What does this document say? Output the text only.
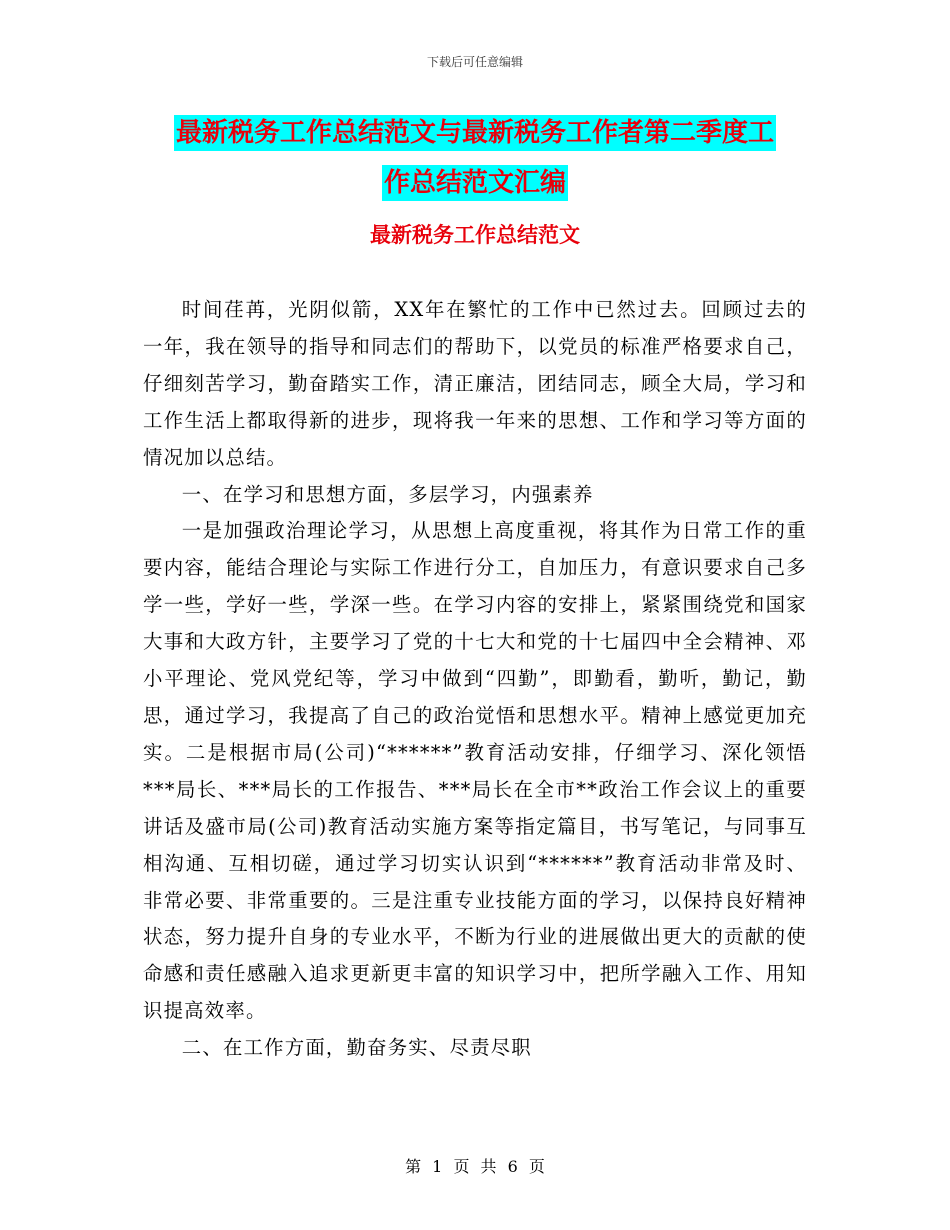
下载后可任意编辑
最新税务工作总结范文与最新税务工作者第二季度工
作总结范文汇编
最新税务工作总结范文

时间荏苒，光阴似箭，XX年在繁忙的工作中已然过去。回顾过去的一年，我在领导的指导和同志们的帮助下，以党员的标准严格要求自己，仔细刻苦学习，勤奋踏实工作，清正廉洁，团结同志，顾全大局，学习和工作生活上都取得新的进步，现将我一年来的思想、工作和学习等方面的情况加以总结。

一、在学习和思想方面，多层学习，内强素养

一是加强政治理论学习，从思想上高度重视，将其作为日常工作的重要内容，能结合理论与实际工作进行分工，自加压力，有意识要求自己多学一些，学好一些，学深一些。在学习内容的安排上，紧紧围绕党和国家大事和大政方针，主要学习了党的十七大和党的十七届四中全会精神、邓小平理论、党风党纪等，学习中做到“四勤”，即勤看，勤听，勤记，勤思，通过学习，我提高了自己的政治觉悟和思想水平。精神上感觉更加充实。二是根据市局(公司)“******”教育活动安排，仔细学习、深化领悟***局长、***局长的工作报告、***局长在全市**政治工作会议上的重要讲话及盛市局(公司)教育活动实施方案等指定篇目，书写笔记，与同事互相沟通、互相切磋，通过学习切实认识到“******”教育活动非常及时、非常必要、非常重要的。三是注重专业技能方面的学习，以保持良好精神状态，努力提升自身的专业水平，不断为行业的进展做出更大的贡献的使命感和责任感融入追求更新更丰富的知识学习中，把所学融入工作、用知识提高效率。

二、在工作方面，勤奋务实、尽责尽职

第 1 页 共 6 页
